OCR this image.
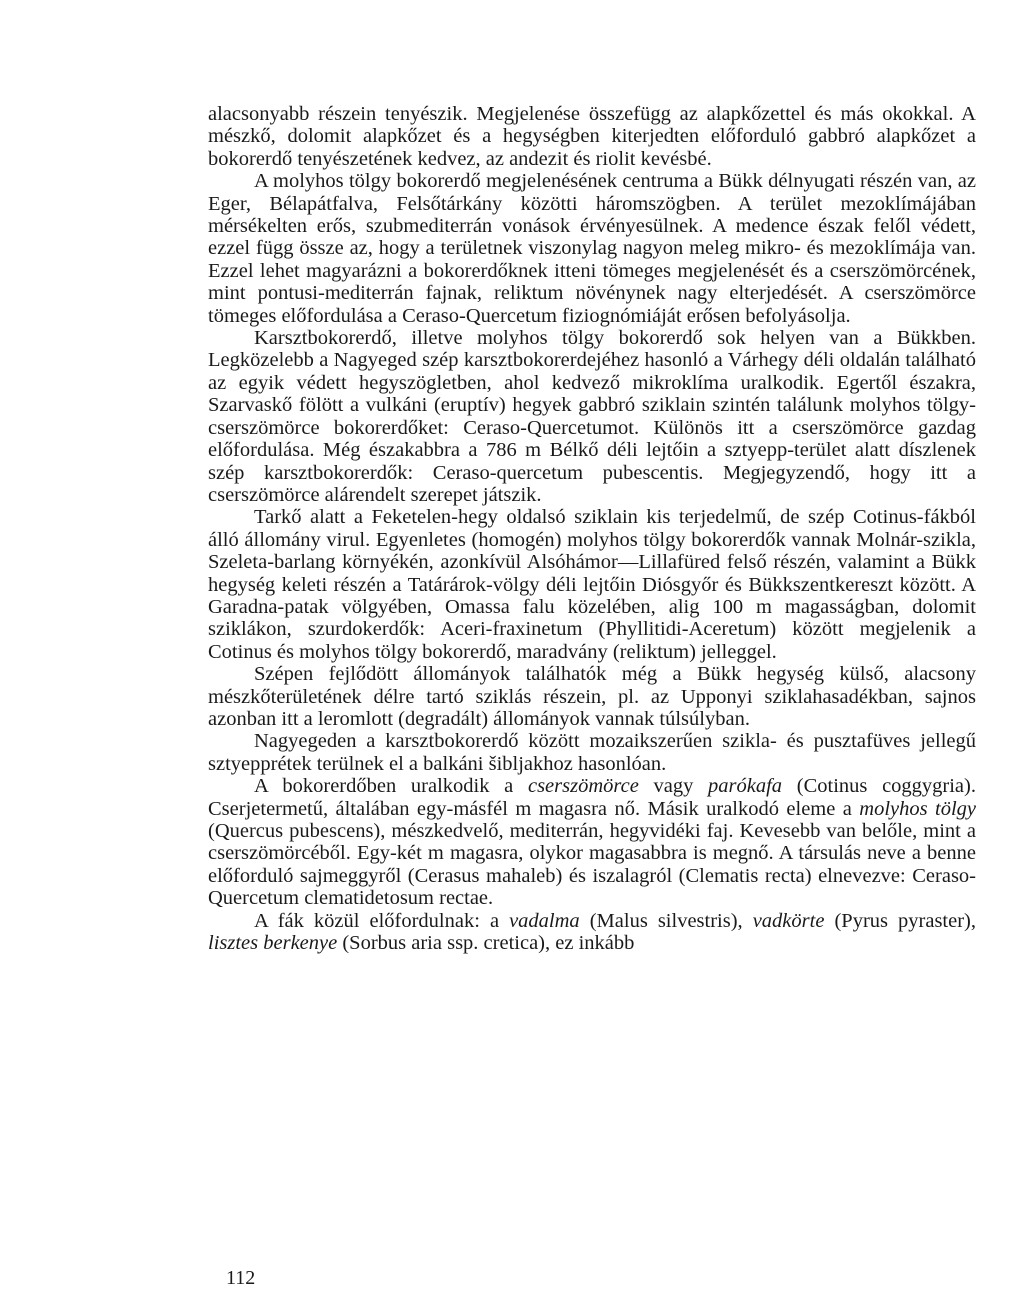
alacsonyabb részein tenyészik. Megjelenése összefügg az alapkőzettel és más okokkal. A mészkő, dolomit alapkőzet és a hegységben kiterjedten előforduló gabbró alapkőzet a bokorerdő tenyészetének kedvez, az andezit és riolit kevésbé.

A molyhos tölgy bokorerdő megjelenésének centruma a Bükk délnyugati részén van, az Eger, Bélapátfalva, Felsőtárkány közötti háromszögben. A terület mezoklímájában mérsékelten erős, szubmediterrán vonások érvényesülnek. A medence észak felől védett, ezzel függ össze az, hogy a területnek viszonylag nagyon meleg mikro- és mezoklímája van. Ezzel lehet magyarázni a bokorerdőknek itteni tömeges megjelenését és a cserszömörcének, mint pontusi-mediterrán fajnak, reliktum növénynek nagy elterjedését. A cserszömörce tömeges előfordulása a Ceraso-Quercetum fiziognómiáját erősen befolyásolja.

Karsztbokorerdő, illetve molyhos tölgy bokorerdő sok helyen van a Bükkben. Legközelebb a Nagyeged szép karsztbokorerdejéhez hasonló a Várhegy déli oldalán található az egyik védett hegyszögletben, ahol kedvező mikroklíma uralkodik. Egertől északra, Szarvaskő fölött a vulkáni (eruptív) hegyek gabbró sziklain szintén találunk molyhos tölgy-cserszömörce bokorerdőket: Ceraso-Quercetumot. Különös itt a cserszömörce gazdag előfordulása. Még északabbra a 786 m Bélkő déli lejtőin a sztyepp-terület alatt díszlenek szép karsztbokorerdők: Ceraso-quercetum pubescentis. Megjegyzendő, hogy itt a cserszömörce alárendelt szerepet játszik.

Tarkő alatt a Feketelen-hegy oldalsó sziklain kis terjedelmű, de szép Cotinus-fákból álló állomány virul. Egyenletes (homogén) molyhos tölgy bokorerdők vannak Molnár-szikla, Szeleta-barlang környékén, azonkívül Alsóhámor—Lillafüred felső részén, valamint a Bükk hegység keleti részén a Tatárárok-völgy déli lejtőin Diósgyőr és Bükkszentkereszt között. A Garadna-patak völgyében, Omassa falu közelében, alig 100 m magasságban, dolomit sziklákon, szurdokerdők: Aceri-fraxinetum (Phyllitidi-Aceretum) között megjelenik a Cotinus és molyhos tölgy bokorerdő, maradvány (reliktum) jelleggel.

Szépen fejlődött állományok találhatók még a Bükk hegység külső, alacsony mészkőterületének délre tartó sziklás részein, pl. az Upponyi sziklahasadékban, sajnos azonban itt a leromlott (degradált) állományok vannak túlsúlyban.

Nagyegeden a karsztbokorerdő között mozaikszerűen szikla- és pusztafüves jellegű sztyepprétek terülnek el a balkáni šibljakhoz hasonlóan.

A bokorerdőben uralkodik a cserszömörce vagy parókafa (Cotinus coggygria). Cserjetermetű, általában egy-másfél m magasra nő. Másik uralkodó eleme a molyhos tölgy (Quercus pubescens), mészkedvelő, mediterrán, hegyvidéki faj. Kevesebb van belőle, mint a cserszömörcéből. Egy-két m magasra, olykor magasabbra is megnő. A társulás neve a benne előforduló sajmeggyről (Cerasus mahaleb) és iszalagról (Clematis recta) elnevezve: Ceraso-Quercetum clematidetosum rectae.

A fák közül előfordulnak: a vadalma (Malus silvestris), vadkörte (Pyrus pyraster), lisztes berkenye (Sorbus aria ssp. cretica), ez inkább

112
